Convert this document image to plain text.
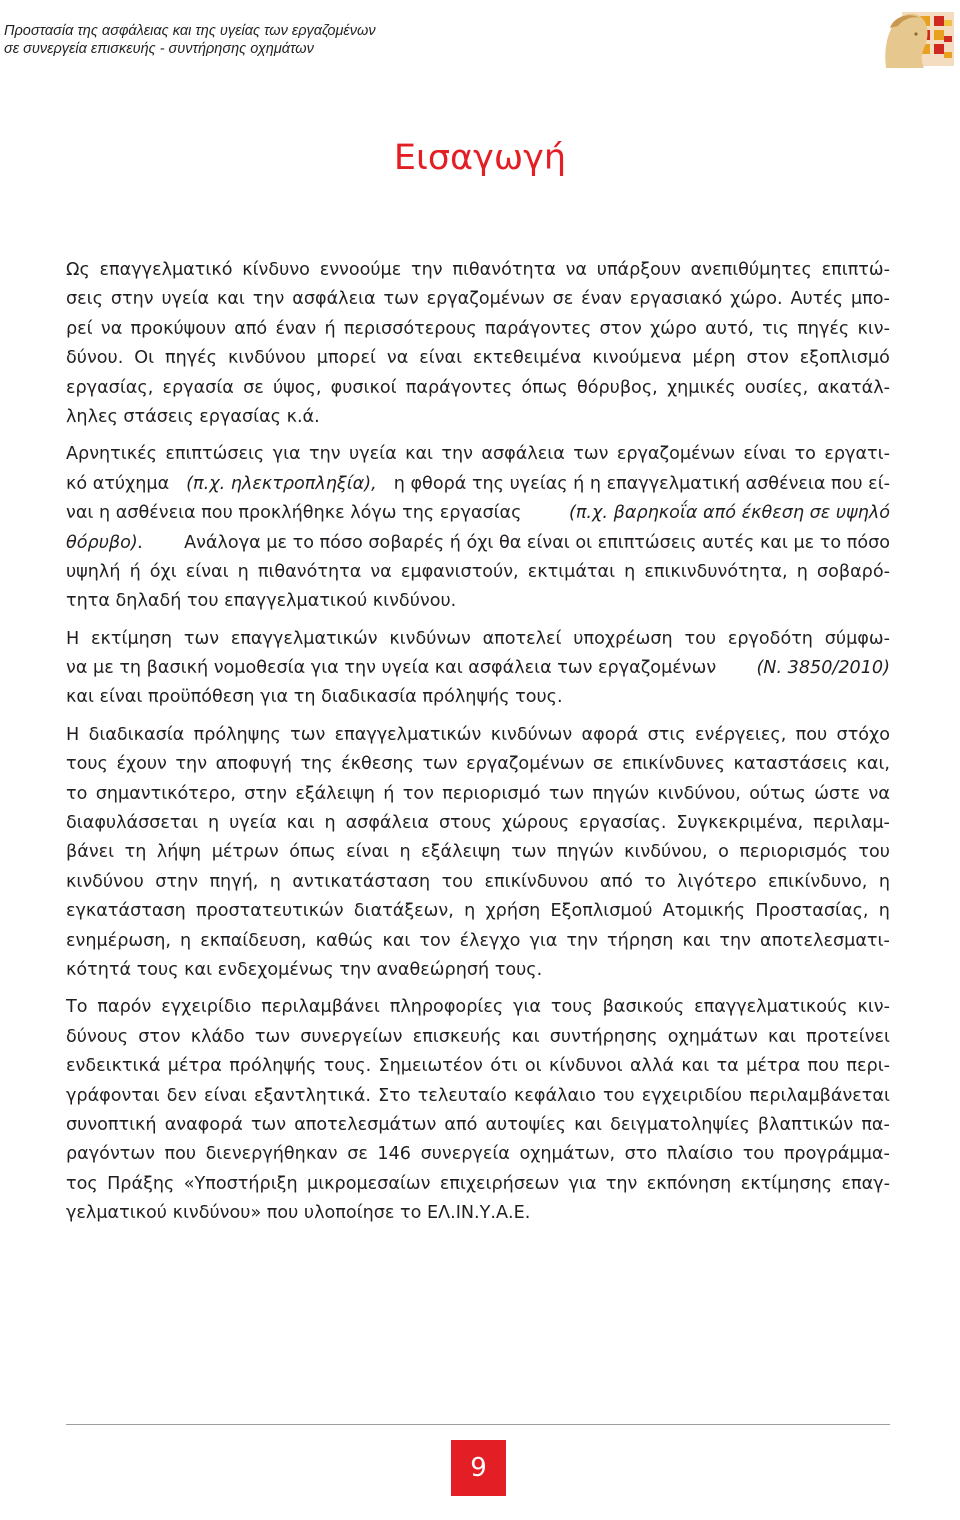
Προστασία της ασφάλειας και της υγείας των εργαζομένων
σε συνεργεία επισκευής - συντήρησης οχημάτων
Εισαγωγή
Ως επαγγελματικό κίνδυνο εννοούμε την πιθανότητα να υπάρξουν ανεπιθύμητες επιπτώ-
σεις στην υγεία και την ασφάλεια των εργαζομένων σε έναν εργασιακό χώρο. Αυτές μπο-
ρεί να προκύψουν από έναν ή περισσότερους παράγοντες στον χώρο αυτό, τις πηγές κιν-
δύνου. Οι πηγές κινδύνου μπορεί να είναι εκτεθειμένα κινούμενα μέρη στον εξοπλισμό
εργασίας, εργασία σε ύψος, φυσικοί παράγοντες όπως θόρυβος, χημικές ουσίες, ακατάλ-
ληλες στάσεις εργασίας κ.ά.
Αρνητικές επιπτώσεις για την υγεία και την ασφάλεια των εργαζομένων είναι το εργατι-
κό ατύχημα (π.χ. ηλεκτροπληξία), η φθορά της υγείας ή η επαγγελματική ασθένεια που εί-
ναι η ασθένεια που προκλήθηκε λόγω της εργασίας	(π.χ. βαρηκοΐα από έκθεση σε υψηλό
θόρυβο). Ανάλογα με το πόσο σοβαρές ή όχι θα είναι οι επιπτώσεις αυτές και με το πόσο
υψηλή ή όχι είναι η πιθανότητα να εμφανιστούν, εκτιμάται η επικινδυνότητα, η σοβαρό-
τητα δηλαδή του επαγγελματικού κινδύνου.
Η εκτίμηση των επαγγελματικών κινδύνων αποτελεί υποχρέωση του εργοδότη σύμφω-
να με τη βασική νομοθεσία για την υγεία και ασφάλεια των εργαζομένων (Ν. 3850/2010)
και είναι προϋπόθεση για τη διαδικασία πρόληψής τους.
Η διαδικασία πρόληψης των επαγγελματικών κινδύνων αφορά στις ενέργειες, που στόχο
τους έχουν την αποφυγή της έκθεσης των εργαζομένων σε επικίνδυνες καταστάσεις και,
το σημαντικότερο, στην εξάλειψη ή τον περιορισμό των πηγών κινδύνου, ούτως ώστε να
διαφυλάσσεται η υγεία και η ασφάλεια στους χώρους εργασίας. Συγκεκριμένα, περιλαμ-
βάνει τη λήψη μέτρων όπως είναι η εξάλειψη των πηγών κινδύνου, ο περιορισμός του
κινδύνου στην πηγή, η αντικατάσταση του επικίνδυνου από το λιγότερο επικίνδυνο, η
εγκατάσταση προστατευτικών διατάξεων, η χρήση Εξοπλισμού Ατομικής Προστασίας, η
ενημέρωση, η εκπαίδευση, καθώς και τον έλεγχο για την τήρηση και την αποτελεσματι-
κότητά τους και ενδεχομένως την αναθεώρησή τους.
Το παρόν εγχειρίδιο περιλαμβάνει πληροφορίες για τους βασικούς επαγγελματικούς κιν-
δύνους στον κλάδο των συνεργείων επισκευής και συντήρησης οχημάτων και προτείνει
ενδεικτικά μέτρα πρόληψής τους. Σημειωτέον ότι οι κίνδυνοι αλλά και τα μέτρα που περι-
γράφονται δεν είναι εξαντλητικά. Στο τελευταίο κεφάλαιο του εγχειριδίου περιλαμβάνεται
συνοπτική αναφορά των αποτελεσμάτων από αυτοψίες και δειγματοληψίες βλαπτικών πα-
ραγόντων που διενεργήθηκαν σε 146 συνεργεία οχημάτων, στο πλαίσιο του προγράμμα-
τος Πράξης «Υποστήριξη μικρομεσαίων επιχειρήσεων για την εκπόνηση εκτίμησης επαγ-
γελματικού κινδύνου» που υλοποίησε το ΕΛ.ΙΝ.Υ.Α.Ε.
9
